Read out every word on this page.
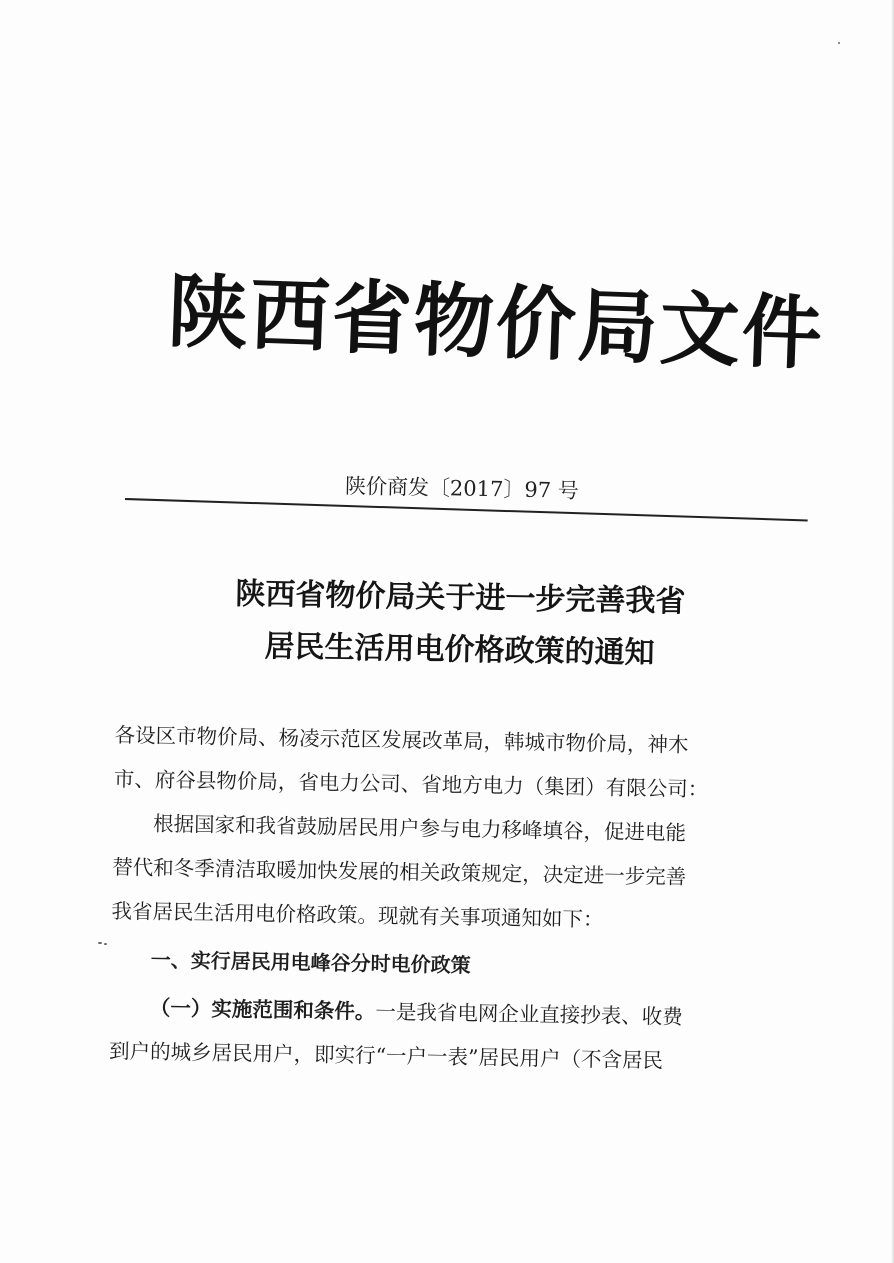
陕西省物价局文件
陕价商发〔2017〕97 号
陕西省物价局关于进一步完善我省
居民生活用电价格政策的通知
各设区市物价局、杨凌示范区发展改革局，韩城市物价局，神木
市、府谷县物价局，省电力公司、省地方电力（集团）有限公司：
根据国家和我省鼓励居民用户参与电力移峰填谷，促进电能
替代和冬季清洁取暖加快发展的相关政策规定，决定进一步完善
我省居民生活用电价格政策。现就有关事项通知如下：
一、实行居民用电峰谷分时电价政策
（一）实施范围和条件。一是我省电网企业直接抄表、收费
到户的城乡居民用户，即实行“一户一表”居民用户（不含居民
